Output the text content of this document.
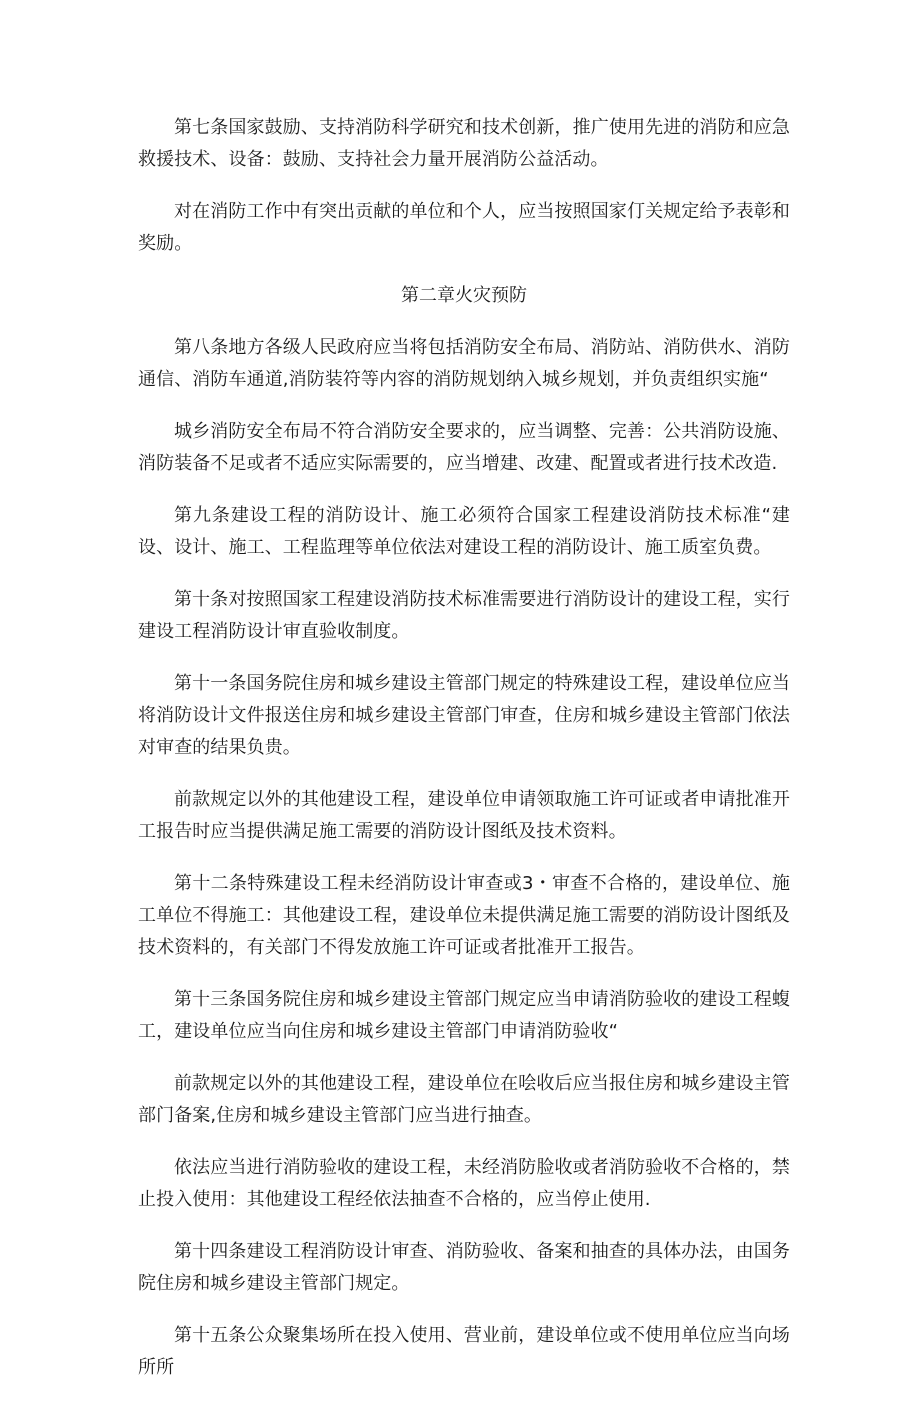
第七条国家鼓励、支持消防科学研究和技术创新，推广使用先进的消防和应急救援技术、设备：鼓励、支持社会力量开展消防公益活动。

对在消防工作中有突出贡献的单位和个人，应当按照国家仃关规定给予表彰和奖励。

第二章火灾预防

第八条地方各级人民政府应当将包括消防安全布局、消防站、消防供水、消防通信、消防车通道,消防装符等内容的消防规划纳入城乡规划，并负责组织实施“

城乡消防安全布局不符合消防安全要求的，应当调整、完善：公共消防设施、消防装备不足或者不适应实际需要的，应当增建、改建、配置或者进行技术改造.

第九条建设工程的消防设计、施工必须符合国家工程建设消防技术标准“建设、设计、施工、工程监理等单位依法对建设工程的消防设计、施工质室负费。

第十条对按照国家工程建设消防技术标准需要进行消防设计的建设工程，实行建设工程消防设计审直验收制度。

第十一条国务院住房和城乡建设主管部门规定的特殊建设工程，建设单位应当将消防设计文件报送住房和城乡建设主管部门审查，住房和城乡建设主管部门依法对审查的结果负贵。

前款规定以外的其他建设工程，建设单位申请领取施工许可证或者申请批准开工报告时应当提供满足施工需要的消防设计图纸及技术资料。

第十二条特殊建设工程未经消防设计审查或3・审查不合格的，建设单位、施工单位不得施工：其他建设工程，建设单位未提供满足施工需要的消防设计图纸及技术资料的，有关部门不得发放施工许可证或者批准开工报告。

第十三条国务院住房和城乡建设主管部门规定应当申请消防验收的建设工程蝮工，建设单位应当向住房和城乡建设主管部门申请消防验收“

前款规定以外的其他建设工程，建设单位在哙收后应当报住房和城乡建设主管部门备案,住房和城乡建设主管部门应当进行抽查。

依法应当进行消防验收的建设工程，未经消防脸收或者消防验收不合格的，禁止投入使用：其他建设工程经依法抽查不合格的，应当停止使用.

第十四条建设工程消防设计审查、消防验收、备案和抽查的具体办法，由国务院住房和城乡建设主管部门规定。

第十五条公众聚集场所在投入使用、营业前，建设单位或不使用单位应当向场所所
